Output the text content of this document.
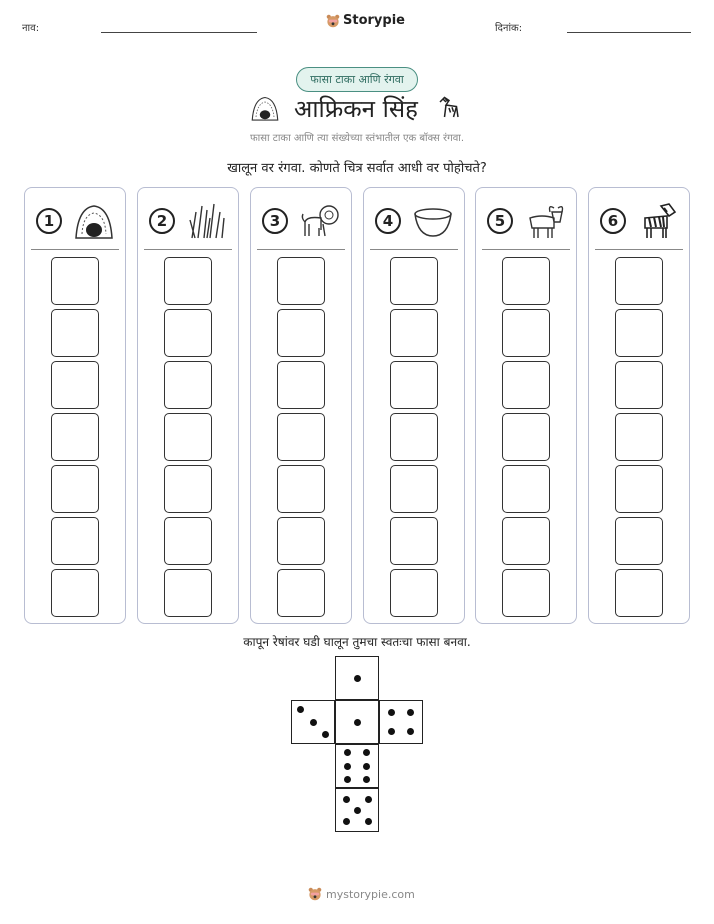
नाव:
Storypie
दिनांक:
फासा टाका आणि रंगवा
आफ्रिकन सिंह
फासा टाका आणि त्या संख्येच्या स्तंभातील एक बॉक्स रंगवा.
खालून वर रंगवा. कोणते चित्र सर्वात आधी वर पोहोचते?
1	2	3	4	5	6
कापून रेषांवर घडी घालून तुमचा स्वतःचा फासा बनवा.
mystorypie.com
